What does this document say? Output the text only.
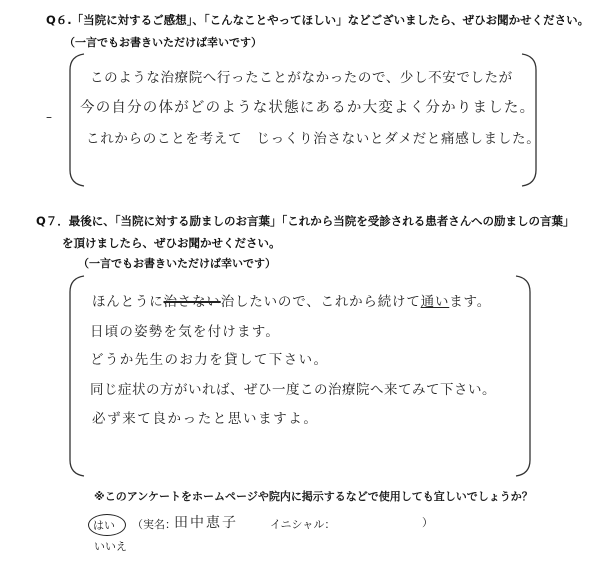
Q６.「当院に対するご感想」、「こんなことやってほしい」などございましたら、ぜひお聞かせください。
（一言でもお書きいただけば幸いです）
–
このような治療院へ行ったことがなかったので、少し不安でしたが
今の自分の体がどのような状態にあるか大変よく分かりました。
これからのことを考えて　じっくり治さないとダメだと痛感しました。
Q７．最後に、「当院に対する励ましのお言葉」「これから当院を受診される患者さんへの励ましの言葉」
を頂けましたら、ぜひお聞かせください。
（一言でもお書きいただけば幸いです）
ほんとうに治さない治したいので、これから続けて通います。
日頃の姿勢を気を付けます。
どうか先生のお力を貸して下さい。
同じ症状の方がいれば、ぜひ一度この治療院へ来てみて下さい。
必ず来て良かったと思いますよ。
※このアンケートをホームページや院内に掲示するなどで使用しても宜しいでしょうか？
はい
いいえ
（実名：
田中恵子	イニシャル：	）
